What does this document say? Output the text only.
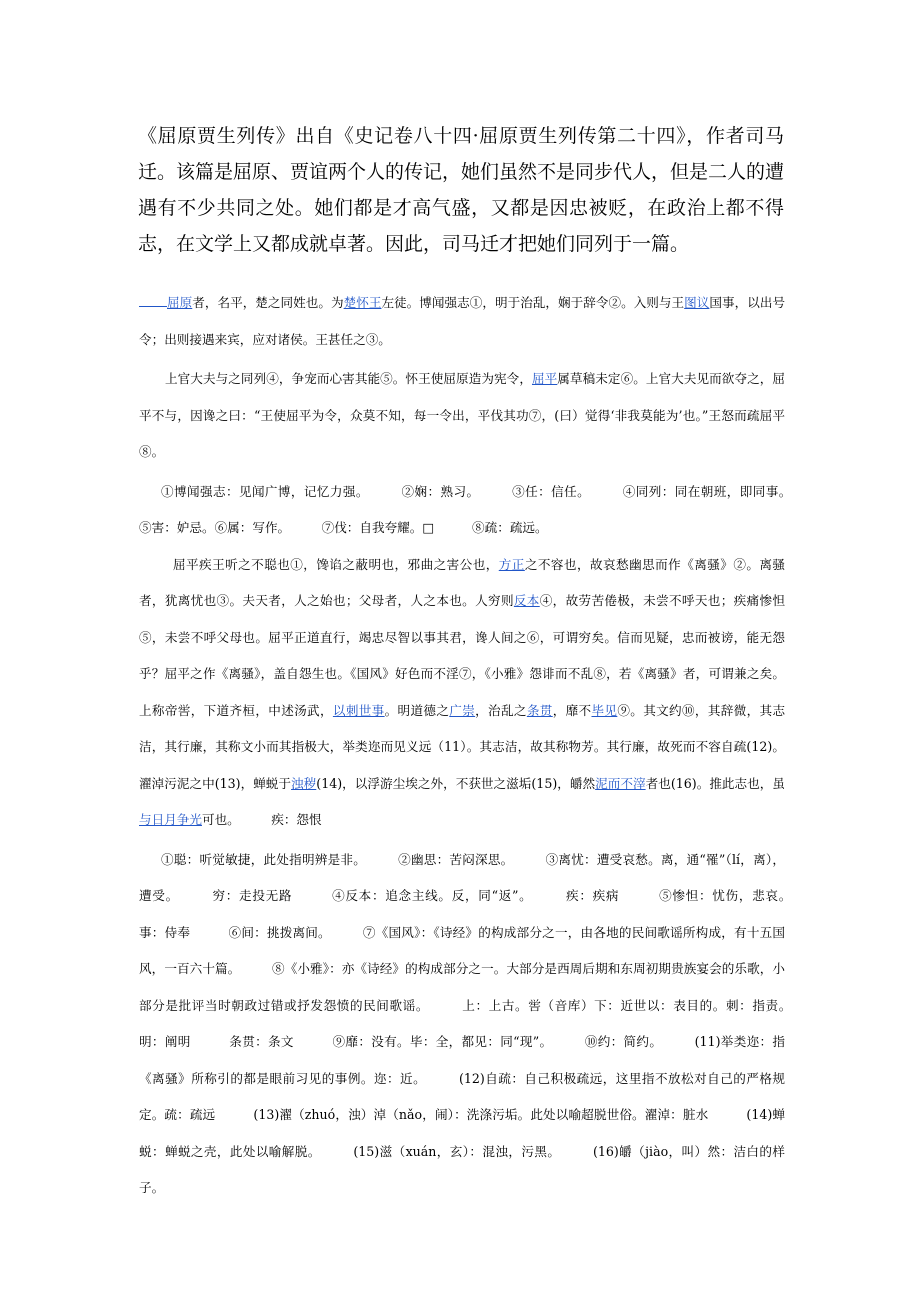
《屈原贾生列传》出自《史记卷八十四·屈原贾生列传第二十四》，作者司马迁。该篇是屈原、贾谊两个人的传记，她们虽然不是同步代人，但是二人的遭遇有不少共同之处。她们都是才高气盛，又都是因忠被贬，在政治上都不得志，在文学上又都成就卓著。因此，司马迁才把她们同列于一篇。

屈原者，名平，楚之同姓也。为楚怀王左徒。博闻强志①，明于治乱，娴于辞令②。入则与王图议国事，以出号令；出则接遇来宾，应对诸侯。王甚任之③。

上官大夫与之同列④，争宠而心害其能⑤。怀王使屈原造为宪令，屈平属草稿未定⑥。上官大夫见而欲夺之，屈平不与，因谗之曰：“王使屈平为令，众莫不知，每一令出，平伐其功⑦，(曰）觉得‘非我莫能为’也。”王怒而疏屈平⑧。

①博闻强志：见闻广博，记忆力强。　　　②娴：熟习。　　　③任：信任。　　　④同列：同在朝班，即同事。　　　⑤害：妒忌。⑥属：写作。　　　⑦伐：自我夸耀。□　　　⑧疏：疏远。

屈平疾王听之不聪也①，馋谄之蔽明也，邪曲之害公也，方正之不容也，故哀愁幽思而作《离骚》②。离骚者，犹离忧也③。夫天者，人之始也；父母者，人之本也。人穷则反本④，故劳苦倦极，未尝不呼天也；疾痛惨怛⑤，未尝不呼父母也。屈平正道直行，竭忠尽智以事其君，谗人间之⑥，可谓穷矣。信而见疑，忠而被谤，能无怨乎？屈平之作《离骚》，盖自怨生也。《国风》好色而不淫⑦，《小雅》怨诽而不乱⑧，若《离骚》者，可谓兼之矣。上称帝喾，下道齐桓，中述汤武，以刺世事。明道德之广崇，治乱之条贯，靡不毕见⑨。其文约⑩，其辞微，其志洁，其行廉，其称文小而其指极大，举类迩而见义远（11）。其志洁，故其称物芳。其行廉，故死而不容自疏(12)。濯淖污泥之中(13)，蝉蜕于浊秽(14)，以浮游尘埃之外，不获世之滋垢(15)，皭然泥而不滓者也(16)。推此志也，虽与日月争光可也。　　　疾：怨恨

①聪：听觉敏捷，此处指明辨是非。　　　②幽思：苦闷深思。　　　③离忧：遭受哀愁。离，通“罹”（lí，离），遭受。　　　穷：走投无路　　　④反本：追念主线。反，同“返”。　　　疾：疾病　　　⑤惨怛：忧伤，悲哀。　　　事：侍奉　　　⑥间：挑拨离间。　　　⑦《国风》：《诗经》的构成部分之一，由各地的民间歌谣所构成，有十五国风，一百六十篇。　　　⑧《小雅》：亦《诗经》的构成部分之一。大部分是西周后期和东周初期贵族宴会的乐歌，小部分是批评当时朝政过错或抒发怨愤的民间歌谣。　　　上：上古。喾（音库）下：近世以：表目的。刺：指责。　　　明：阐明　　　条贯：条文　　　⑨靡：没有。毕：全，都见：同“现”。　　　⑩约：简约。　　　(11)举类迩：指《离骚》所称引的都是眼前习见的事例。迩：近。　　　(12)自疏：自己积极疏远，这里指不放松对自己的严格规定。疏：疏远　　　(13)濯（zhuó，浊）淖（nǎo，闹）：洗涤污垢。此处以喻超脱世俗。濯淖：脏水　　　(14)蝉蜕：蝉蜕之壳，此处以喻解脱。　　　(15)滋（xuán，玄）：混浊，污黑。　　　(16)皭（jiào，叫）然：洁白的样子。
